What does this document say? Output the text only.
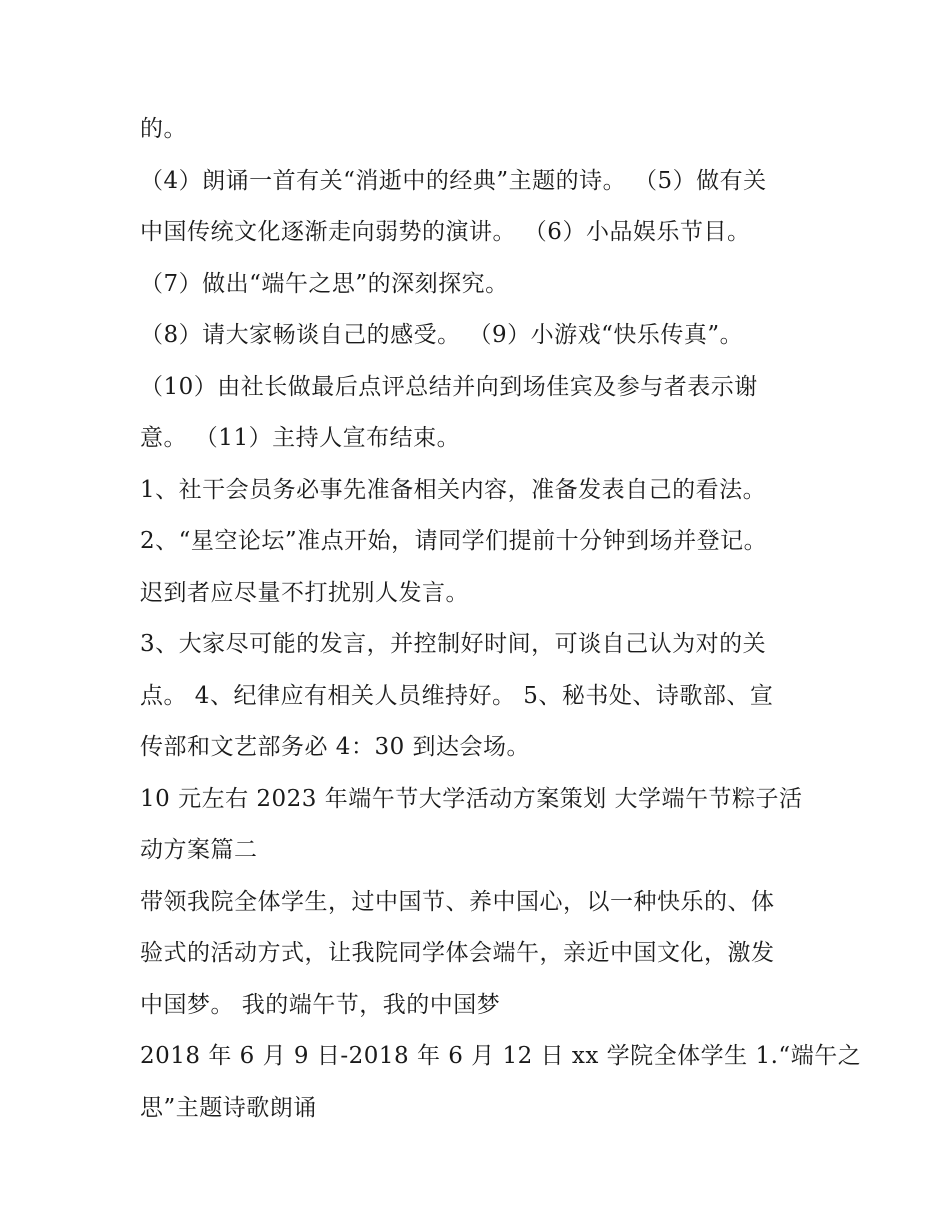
的。
（4）朗诵一首有关“消逝中的经典”主题的诗。 （5）做有关
中国传统文化逐渐走向弱势的演讲。 （6）小品娱乐节目。
（7）做出“端午之思”的深刻探究。
（8）请大家畅谈自己的感受。 （9）小游戏“快乐传真”。
（10）由社长做最后点评总结并向到场佳宾及参与者表示谢
意。 （11）主持人宣布结束。
1、社干会员务必事先准备相关内容，准备发表自己的看法。
2、“星空论坛”准点开始，请同学们提前十分钟到场并登记。
迟到者应尽量不打扰别人发言。
3、大家尽可能的发言，并控制好时间，可谈自己认为对的关
点。 4、纪律应有相关人员维持好。 5、秘书处、诗歌部、宣
传部和文艺部务必 4：30 到达会场。
10 元左右 2023 年端午节大学活动方案策划 大学端午节粽子活
动方案篇二
带领我院全体学生，过中国节、养中国心，以一种快乐的、体
验式的活动方式，让我院同学体会端午，亲近中国文化，激发
中国梦。 我的端午节，我的中国梦
2018 年 6 月 9 日-2018 年 6 月 12 日 xx 学院全体学生 1.“端午之
思”主题诗歌朗诵
